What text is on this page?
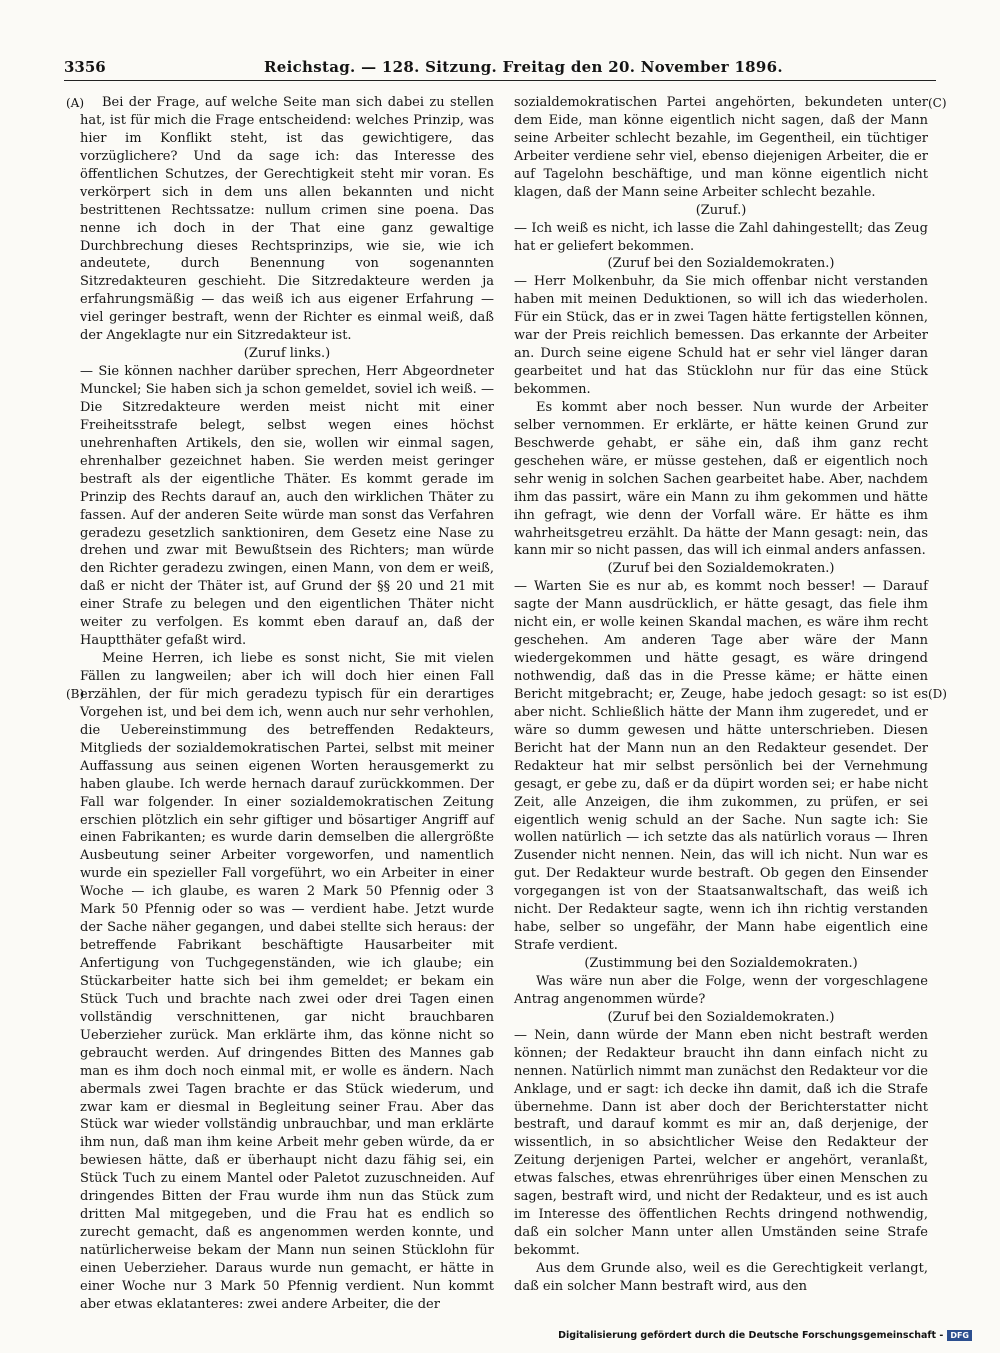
3356	Reichstag. — 128. Sitzung. Freitag den 20. November 1896.
(A)
(B)
(C)
(D)

Bei der Frage, auf welche Seite man sich dabei zu stellen hat, ist für mich die Frage entscheidend: welches Prinzip, was hier im Konflikt steht, ist das gewichtigere, das vorzüglichere? Und da sage ich: das Interesse des öffentlichen Schutzes, der Gerechtigkeit steht mir voran. Es verkörpert sich in dem uns allen bekannten und nicht bestrittenen Rechtssatze: nullum crimen sine poena. Das nenne ich doch in der That eine ganz gewaltige Durchbrechung dieses Rechtsprinzips, wie sie, wie ich andeutete, durch Benennung von sogenannten Sitzredakteuren geschieht. Die Sitzredakteure werden ja erfahrungsmäßig — das weiß ich aus eigener Erfahrung — viel geringer bestraft, wenn der Richter es einmal weiß, daß der Angeklagte nur ein Sitzredakteur ist.

(Zuruf links.)

— Sie können nachher darüber sprechen, Herr Abgeordneter Munckel; Sie haben sich ja schon gemeldet, soviel ich weiß. — Die Sitzredakteure werden meist nicht mit einer Freiheitsstrafe belegt, selbst wegen eines höchst unehrenhaften Artikels, den sie, wollen wir einmal sagen, ehrenhalber gezeichnet haben. Sie werden meist geringer bestraft als der eigentliche Thäter. Es kommt gerade im Prinzip des Rechts darauf an, auch den wirklichen Thäter zu fassen. Auf der anderen Seite würde man sonst das Verfahren geradezu gesetzlich sanktioniren, dem Gesetz eine Nase zu drehen und zwar mit Bewußtsein des Richters; man würde den Richter geradezu zwingen, einen Mann, von dem er weiß, daß er nicht der Thäter ist, auf Grund der §§ 20 und 21 mit einer Strafe zu belegen und den eigentlichen Thäter nicht weiter zu verfolgen. Es kommt eben darauf an, daß der Hauptthäter gefaßt wird.

Meine Herren, ich liebe es sonst nicht, Sie mit vielen Fällen zu langweilen; aber ich will doch hier einen Fall erzählen, der für mich geradezu typisch für ein derartiges Vorgehen ist, und bei dem ich, wenn auch nur sehr verhohlen, die Uebereinstimmung des betreffenden Redakteurs, Mitglieds der sozialdemokratischen Partei, selbst mit meiner Auffassung aus seinen eigenen Worten herausgemerkt zu haben glaube. Ich werde hernach darauf zurückkommen. Der Fall war folgender. In einer sozialdemokratischen Zeitung erschien plötzlich ein sehr giftiger und bösartiger Angriff auf einen Fabrikanten; es wurde darin demselben die allergrößte Ausbeutung seiner Arbeiter vorgeworfen, und namentlich wurde ein spezieller Fall vorgeführt, wo ein Arbeiter in einer Woche — ich glaube, es waren 2 Mark 50 Pfennig oder 3 Mark 50 Pfennig oder so was — verdient habe. Jetzt wurde der Sache näher gegangen, und dabei stellte sich heraus: der betreffende Fabrikant beschäftigte Hausarbeiter mit Anfertigung von Tuchgegenständen, wie ich glaube; ein Stückarbeiter hatte sich bei ihm gemeldet; er bekam ein Stück Tuch und brachte nach zwei oder drei Tagen einen vollständig verschnittenen, gar nicht brauchbaren Ueberzieher zurück. Man erklärte ihm, das könne nicht so gebraucht werden. Auf dringendes Bitten des Mannes gab man es ihm doch noch einmal mit, er wolle es ändern. Nach abermals zwei Tagen brachte er das Stück wiederum, und zwar kam er diesmal in Begleitung seiner Frau. Aber das Stück war wieder vollständig unbrauchbar, und man erklärte ihm nun, daß man ihm keine Arbeit mehr geben würde, da er bewiesen hätte, daß er überhaupt nicht dazu fähig sei, ein Stück Tuch zu einem Mantel oder Paletot zuzuschneiden. Auf dringendes Bitten der Frau wurde ihm nun das Stück zum dritten Mal mitgegeben, und die Frau hat es endlich so zurecht gemacht, daß es angenommen werden konnte, und natürlicherweise bekam der Mann nun seinen Stücklohn für einen Ueberzieher. Daraus wurde nun gemacht, er hätte in einer Woche nur 3 Mark 50 Pfennig verdient. Nun kommt aber etwas eklatanteres: zwei andere Arbeiter, die der

sozialdemokratischen Partei angehörten, bekundeten unter dem Eide, man könne eigentlich nicht sagen, daß der Mann seine Arbeiter schlecht bezahle, im Gegentheil, ein tüchtiger Arbeiter verdiene sehr viel, ebenso diejenigen Arbeiter, die er auf Tagelohn beschäftige, und man könne eigentlich nicht klagen, daß der Mann seine Arbeiter schlecht bezahle.

(Zuruf.)

— Ich weiß es nicht, ich lasse die Zahl dahingestellt; das Zeug hat er geliefert bekommen.

(Zuruf bei den Sozialdemokraten.)

— Herr Molkenbuhr, da Sie mich offenbar nicht verstanden haben mit meinen Deduktionen, so will ich das wiederholen. Für ein Stück, das er in zwei Tagen hätte fertigstellen können, war der Preis reichlich bemessen. Das erkannte der Arbeiter an. Durch seine eigene Schuld hat er sehr viel länger daran gearbeitet und hat das Stücklohn nur für das eine Stück bekommen.

Es kommt aber noch besser. Nun wurde der Arbeiter selber vernommen. Er erklärte, er hätte keinen Grund zur Beschwerde gehabt, er sähe ein, daß ihm ganz recht geschehen wäre, er müsse gestehen, daß er eigentlich noch sehr wenig in solchen Sachen gearbeitet habe. Aber, nachdem ihm das passirt, wäre ein Mann zu ihm gekommen und hätte ihn gefragt, wie denn der Vorfall wäre. Er hätte es ihm wahrheitsgetreu erzählt. Da hätte der Mann gesagt: nein, das kann mir so nicht passen, das will ich einmal anders anfassen.

(Zuruf bei den Sozialdemokraten.)

— Warten Sie es nur ab, es kommt noch besser! — Darauf sagte der Mann ausdrücklich, er hätte gesagt, das fiele ihm nicht ein, er wolle keinen Skandal machen, es wäre ihm recht geschehen. Am anderen Tage aber wäre der Mann wiedergekommen und hätte gesagt, es wäre dringend nothwendig, daß das in die Presse käme; er hätte einen Bericht mitgebracht; er, Zeuge, habe jedoch gesagt: so ist es aber nicht. Schließlich hätte der Mann ihm zugeredet, und er wäre so dumm gewesen und hätte unterschrieben. Diesen Bericht hat der Mann nun an den Redakteur gesendet. Der Redakteur hat mir selbst persönlich bei der Vernehmung gesagt, er gebe zu, daß er da düpirt worden sei; er habe nicht Zeit, alle Anzeigen, die ihm zukommen, zu prüfen, er sei eigentlich wenig schuld an der Sache. Nun sagte ich: Sie wollen natürlich — ich setzte das als natürlich voraus — Ihren Zusender nicht nennen. Nein, das will ich nicht. Nun war es gut. Der Redakteur wurde bestraft. Ob gegen den Einsender vorgegangen ist von der Staatsanwaltschaft, das weiß ich nicht. Der Redakteur sagte, wenn ich ihn richtig verstanden habe, selber so ungefähr, der Mann habe eigentlich eine Strafe verdient.

(Zustimmung bei den Sozialdemokraten.)

Was wäre nun aber die Folge, wenn der vorgeschlagene Antrag angenommen würde?

(Zuruf bei den Sozialdemokraten.)

— Nein, dann würde der Mann eben nicht bestraft werden können; der Redakteur braucht ihn dann einfach nicht zu nennen. Natürlich nimmt man zunächst den Redakteur vor die Anklage, und er sagt: ich decke ihn damit, daß ich die Strafe übernehme. Dann ist aber doch der Berichterstatter nicht bestraft, und darauf kommt es mir an, daß derjenige, der wissentlich, in so absichtlicher Weise den Redakteur der Zeitung derjenigen Partei, welcher er angehört, veranlaßt, etwas falsches, etwas ehrenrühriges über einen Menschen zu sagen, bestraft wird, und nicht der Redakteur, und es ist auch im Interesse des öffentlichen Rechts dringend nothwendig, daß ein solcher Mann unter allen Umständen seine Strafe bekommt.

Aus dem Grunde also, weil es die Gerechtigkeit verlangt, daß ein solcher Mann bestraft wird, aus den

Digitalisierung gefördert durch die Deutsche Forschungsgemeinschaft - DFG
